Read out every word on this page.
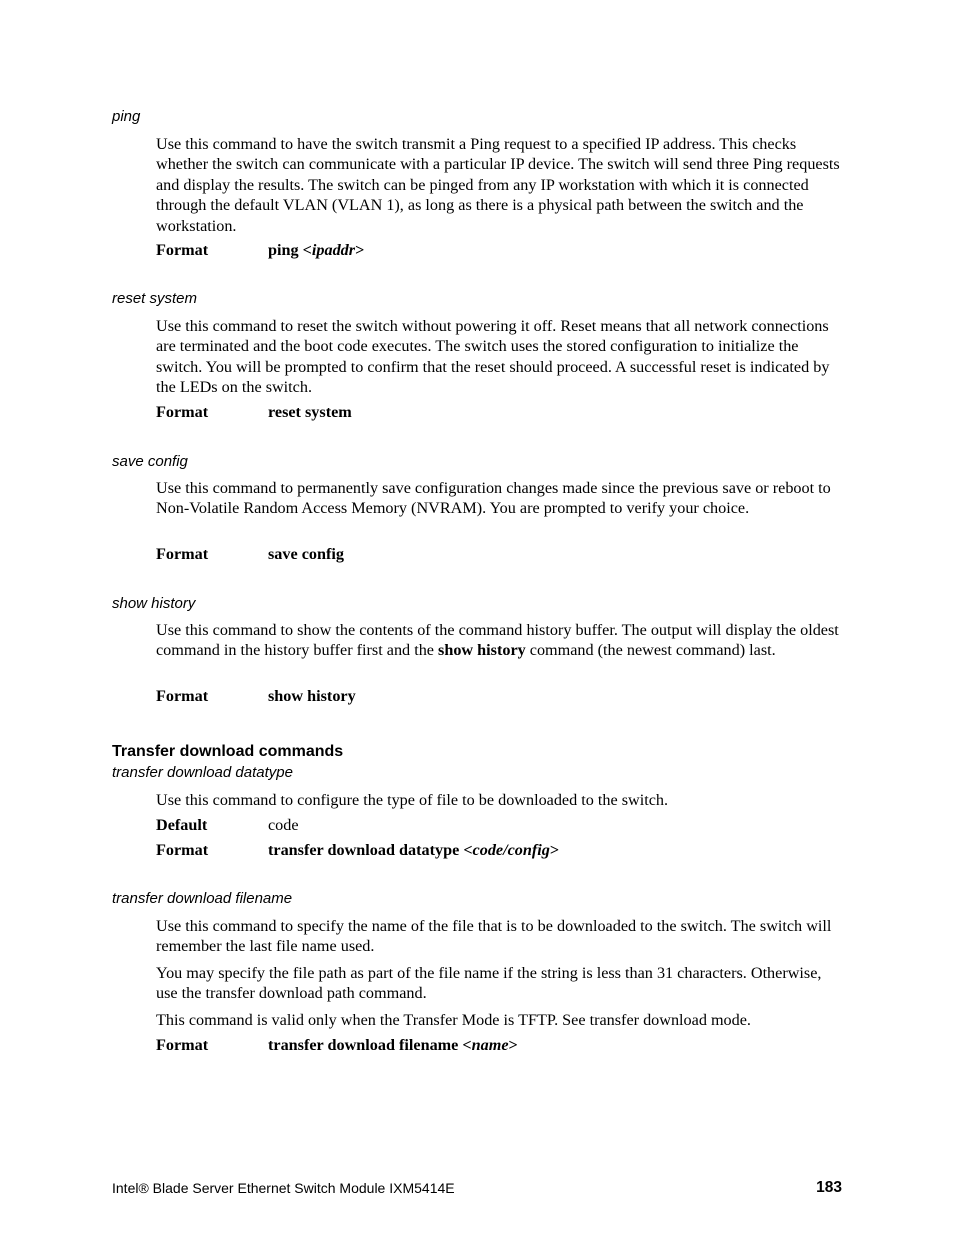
ping

Use this command to have the switch transmit a Ping request to a specified IP address. This checks whether the switch can communicate with a particular IP device. The switch will send three Ping requests and display the results. The switch can be pinged from any IP workstation with which it is connected through the default VLAN (VLAN 1), as long as there is a physical path between the switch and the workstation.

Format	ping <ipaddr>
reset system

Use this command to reset the switch without powering it off. Reset means that all network connections are terminated and the boot code executes. The switch uses the stored configuration to initialize the switch. You will be prompted to confirm that the reset should proceed. A successful reset is indicated by the LEDs on the switch.

Format	reset system
save config

Use this command to permanently save configuration changes made since the previous save or reboot to Non-Volatile Random Access Memory (NVRAM). You are prompted to verify your choice.

Format	save config
show history

Use this command to show the contents of the command history buffer. The output will display the oldest command in the history buffer first and the show history command (the newest command) last.

Format	show history
Transfer download commands
transfer download datatype

Use this command to configure the type of file to be downloaded to the switch.

Default	code
Format	transfer download datatype <code/config>
transfer download filename

Use this command to specify the name of the file that is to be downloaded to the switch. The switch will remember the last file name used.

You may specify the file path as part of the file name if the string is less than 31 characters. Otherwise, use the transfer download path command.

This command is valid only when the Transfer Mode is TFTP. See transfer download mode.

Format	transfer download filename <name>
Intel® Blade Server Ethernet Switch Module IXM5414E	183
